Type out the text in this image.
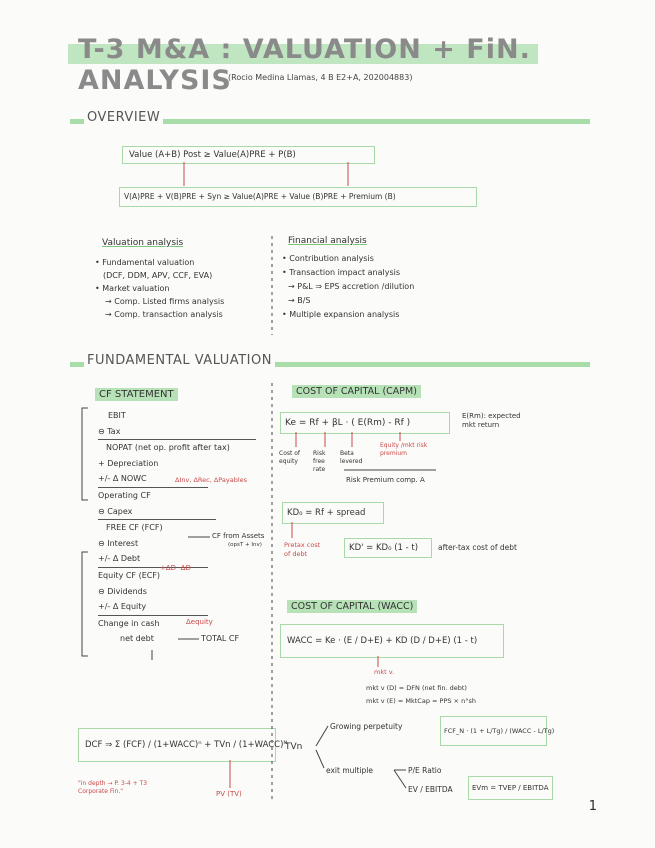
T-3 M&A : VALUATION + FiN. ANALYSIS
(Rocio Medina Llamas, 4 B E2+A, 202004883)
OVERVIEW
FUNDAMENTAL VALUATION
Value (A+B) Post ≥ Value(A)PRE + P(B)
V(A)PRE + V(B)PRE + Syn ≥ Value(A)PRE + Value (B)PRE + Premium (B)
Valuation analysis
• Fundamental valuation
(DCF, DDM, APV, CCF, EVA)
• Market valuation
→ Comp. Listed firms analysis
→ Comp. transaction analysis
Financial analysis
• Contribution analysis
• Transaction impact analysis
→ P&L ⇒ EPS accretion /dilution
→ B/S
• Multiple expansion analysis
CF STATEMENT
EBIT
⊖ Tax
NOPAT (net op. profit after tax)
+ Depreciation
+/- Δ NOWC
Operating CF
⊖ Capex
FREE CF (FCF)
⊖ Interest
+/- Δ Debt
Equity CF (ECF)
⊖ Dividends
+/- Δ Equity
Change in cash
net debt
ΔInv, ΔRec, ΔPayables
CF from Assets
(opsT + Inv)
+ΔD -ΔD
Δequity
TOTAL CF
COST OF CAPITAL (CAPM)
Ke = Rf + βL · ( E(Rm) - Rf )
E(Rm): expected mkt return
Cost of equity
Risk free rate
Beta levered
Equity /mkt risk premium
Risk Premium comp. A
KD₀ = Rf + spread
Pretax cost of debt
KD' = KD₀ (1 - t)	after-tax cost of debt
COST OF CAPITAL (WACC)
WACC = Ke · (E / D+E) + KD (D / D+E) (1 - t)
mkt v.
mkt v (D) = DFN (net fin. debt)
mkt v (E) = MktCap = PPS × n°sh
DCF ⇒ Σ (FCF) / (1+WACC)ⁿ + TVn / (1+WACC)ᴺ
"in depth → P. 3-4 + T3 Corporate Fin."	PV (TV)
TVn
Growing perpetuity	FCF_N · (1 + L/Tg) / (WACC - L/Tg)
exit multiple	P/E Ratio
EV / EBITDA	EVm = TVEP / EBITDA
1
